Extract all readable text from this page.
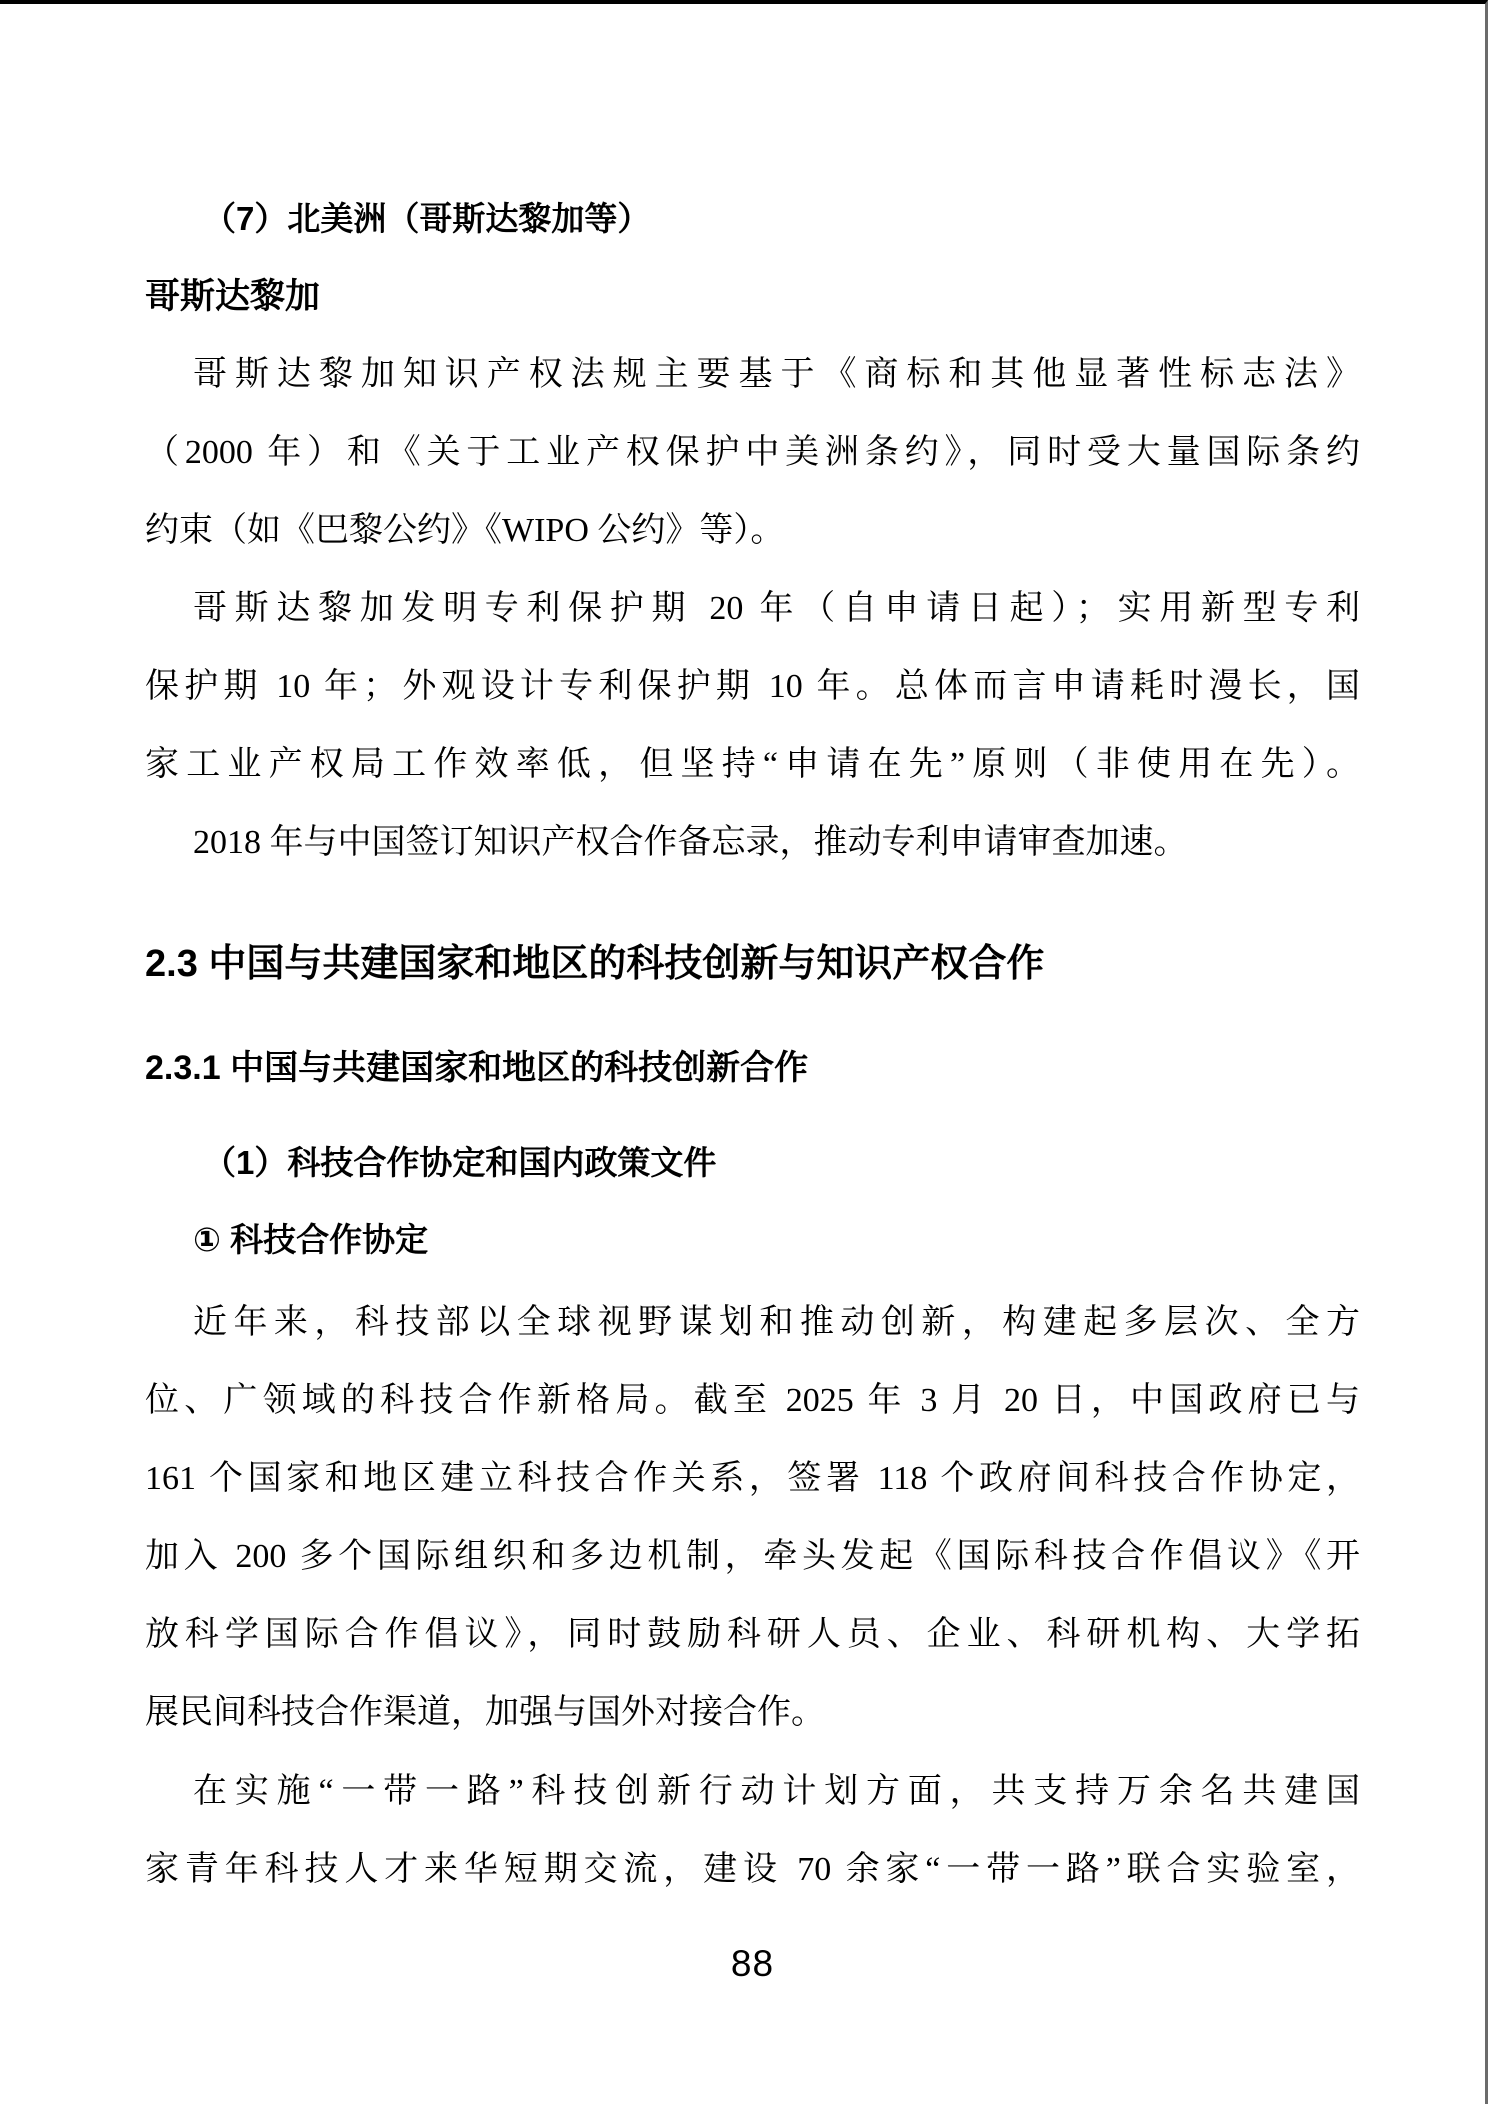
（7）北美洲（哥斯达黎加等）
哥斯达黎加
哥斯达黎加知识产权法规主要基于《商标和其他显著性标志法》
（2000 年）和《关于工业产权保护中美洲条约》，同时受大量国际条约
约束（如《巴黎公约》《WIPO 公约》等）。
哥斯达黎加发明专利保护期 20 年（自申请日起）；实用新型专利
保护期 10 年；外观设计专利保护期 10 年。总体而言申请耗时漫长，国
家工业产权局工作效率低，但坚持“申请在先”原则（非使用在先）。
2018 年与中国签订知识产权合作备忘录，推动专利申请审查加速。
2.3 中国与共建国家和地区的科技创新与知识产权合作
2.3.1 中国与共建国家和地区的科技创新合作
（1）科技合作协定和国内政策文件
① 科技合作协定
近年来，科技部以全球视野谋划和推动创新，构建起多层次、全方
位、广领域的科技合作新格局。截至 2025 年 3 月 20 日，中国政府已与
161 个国家和地区建立科技合作关系，签署 118 个政府间科技合作协定，
加入 200 多个国际组织和多边机制，牵头发起《国际科技合作倡议》《开
放科学国际合作倡议》，同时鼓励科研人员、企业、科研机构、大学拓
展民间科技合作渠道，加强与国外对接合作。
在实施“一带一路”科技创新行动计划方面，共支持万余名共建国
家青年科技人才来华短期交流，建设 70 余家“一带一路”联合实验室，
88
